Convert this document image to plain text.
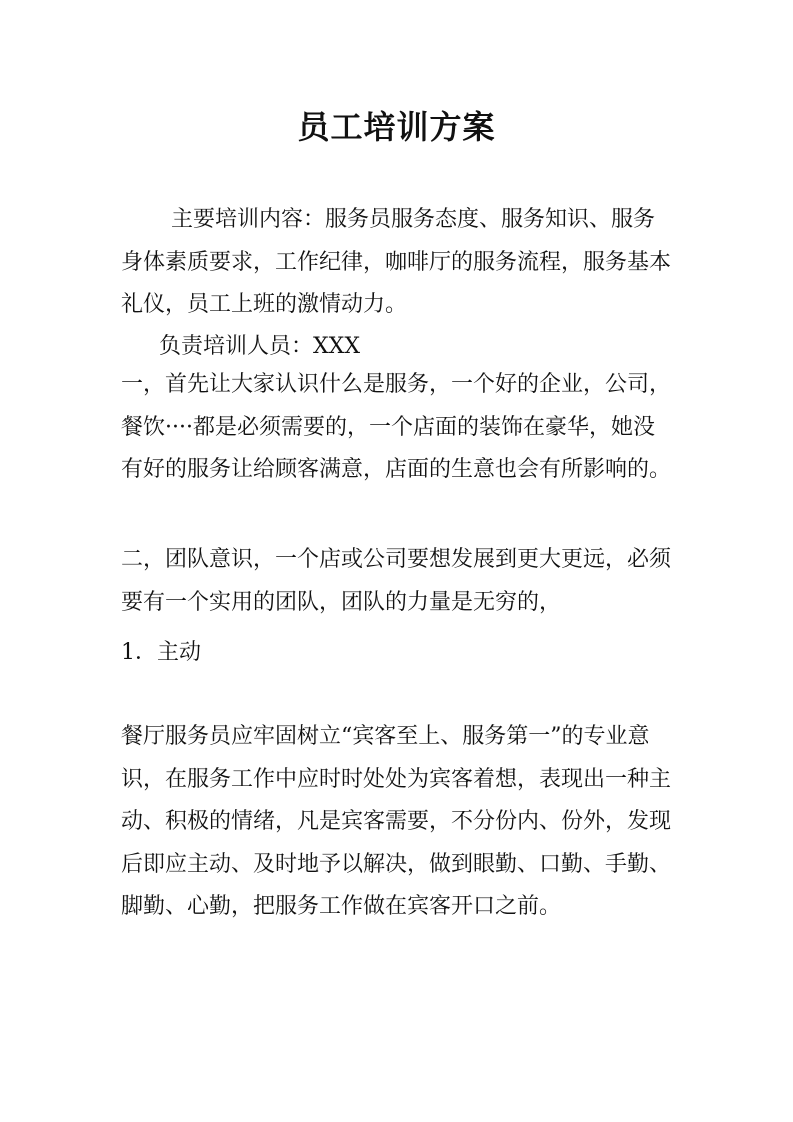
员工培训方案

主要培训内容：服务员服务态度、服务知识、服务身体素质要求，工作纪律，咖啡厅的服务流程，服务基本礼仪，员工上班的激情动力。

负责培训人员：XXX

一，首先让大家认识什么是服务，一个好的企业，公司，餐饮····都是必须需要的，一个店面的装饰在豪华，她没有好的服务让给顾客满意，店面的生意也会有所影响的。

二，团队意识，一个店或公司要想发展到更大更远，必须要有一个实用的团队，团队的力量是无穷的，

1．主动

餐厅服务员应牢固树立“宾客至上、服务第一”的专业意识，在服务工作中应时时处处为宾客着想，表现出一种主动、积极的情绪，凡是宾客需要，不分份内、份外，发现后即应主动、及时地予以解决，做到眼勤、口勤、手勤、脚勤、心勤，把服务工作做在宾客开口之前。
